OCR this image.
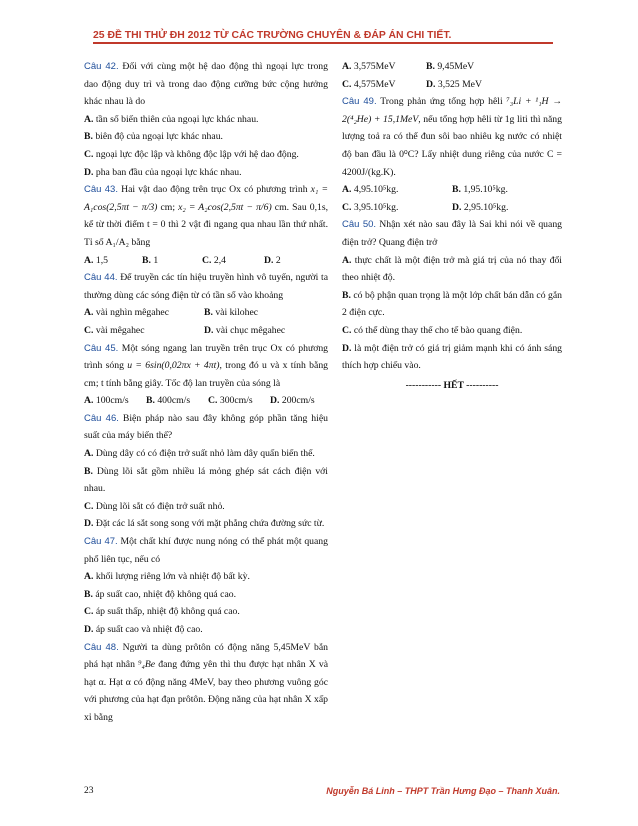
25 ĐỀ THI THỬ ĐH 2012 TỪ CÁC TRƯỜNG CHUYÊN & ĐÁP ÁN CHI TIẾT.
Câu 42. Đối với cùng một hệ dao động thì ngoại lực trong dao động duy trì và trong dao động cưỡng bức cộng hưởng khác nhau là do
A. tần số biến thiên của ngoại lực khác nhau.
B. biên độ của ngoại lực khác nhau.
C. ngoại lực độc lập và không độc lập với hệ dao động.
D. pha ban đầu của ngoại lực khác nhau.
Câu 43. Hai vật dao động trên trục Ox có phương trình x₁ = A₁cos(2,5πt − π/3) cm; x₂ = A₂cos(2,5πt − π/6) cm. Sau 0,1s, kể từ thời điểm t = 0 thì 2 vật đi ngang qua nhau lần thứ nhất. Tỉ số A₁/A₂ bằng
A. 1,5	B. 1	C. 2,4	D. 2
Câu 44. Để truyền các tín hiệu truyền hình vô tuyến, người ta thường dùng các sóng điện từ có tần số vào khoảng
A. vài nghìn mêgahec	B. vài kilohec
C. vài mêgahec	D. vài chục mêgahec
Câu 45. Một sóng ngang lan truyền trên trục Ox có phương trình sóng u = 6sin(0,02πx + 4πt), trong đó u và x tính bằng cm; t tính bằng giây. Tốc độ lan truyền của sóng là
A. 100cm/s	B. 400cm/s	C. 300cm/s	D. 200cm/s
Câu 46. Biện pháp nào sau đây không góp phần tăng hiệu suất của máy biến thế?
A. Dùng dây có có điện trở suất nhỏ làm dây quấn biến thế.
B. Dùng lõi sắt gồm nhiều lá mỏng ghép sát cách điện với nhau.
C. Dùng lõi sắt có điện trở suất nhỏ.
D. Đặt các lá sắt song song với mặt phẳng chứa đường sức từ.
Câu 47. Một chất khí được nung nóng có thể phát một quang phổ liên tục, nếu có
A. khối lượng riêng lớn và nhiệt độ bất kỳ.
B. áp suất cao, nhiệt độ không quá cao.
C. áp suất thấp, nhiệt độ không quá cao.
D. áp suất cao và nhiệt độ cao.
Câu 48. Người ta dùng prôtôn có động năng 5,45MeV bắn phá hạt nhân ⁹₄Be đang đứng yên thì thu được hạt nhân X và hạt α. Hạt α có động năng 4MeV, bay theo phương vuông góc với phương của hạt đạn prôtôn. Động năng của hạt nhân X xấp xỉ bằng
A. 3,575MeV	B. 9,45MeV
C. 4,575MeV	D. 3,525 MeV
Câu 49. Trong phản ứng tổng hợp hêli ⁷₃Li + ¹₁H → 2(⁴₂He) + 15,1MeV, nếu tổng hợp hêli từ 1g liti thì năng lượng toả ra có thể đun sôi bao nhiêu kg nước có nhiệt độ ban đầu là 0⁰C? Lấy nhiệt dung riêng của nước C = 4200J/(kg.K).
A. 4,95.10⁵kg.	B. 1,95.10⁵kg.
C. 3,95.10⁵kg.	D. 2,95.10⁵kg.
Câu 50. Nhận xét nào sau đây là Sai khi nói về quang điện trở? Quang điện trở
A. thực chất là một điện trở mà giá trị của nó thay đổi theo nhiệt độ.
B. có bộ phận quan trọng là một lớp chất bán dẫn có gắn 2 điện cực.
C. có thể dùng thay thế cho tế bào quang điện.
D. là một điện trở có giá trị giảm mạnh khi có ánh sáng thích hợp chiếu vào.
----------- HẾT ----------
23	Nguyễn Bá Linh – THPT Trần Hưng Đạo – Thanh Xuân.
